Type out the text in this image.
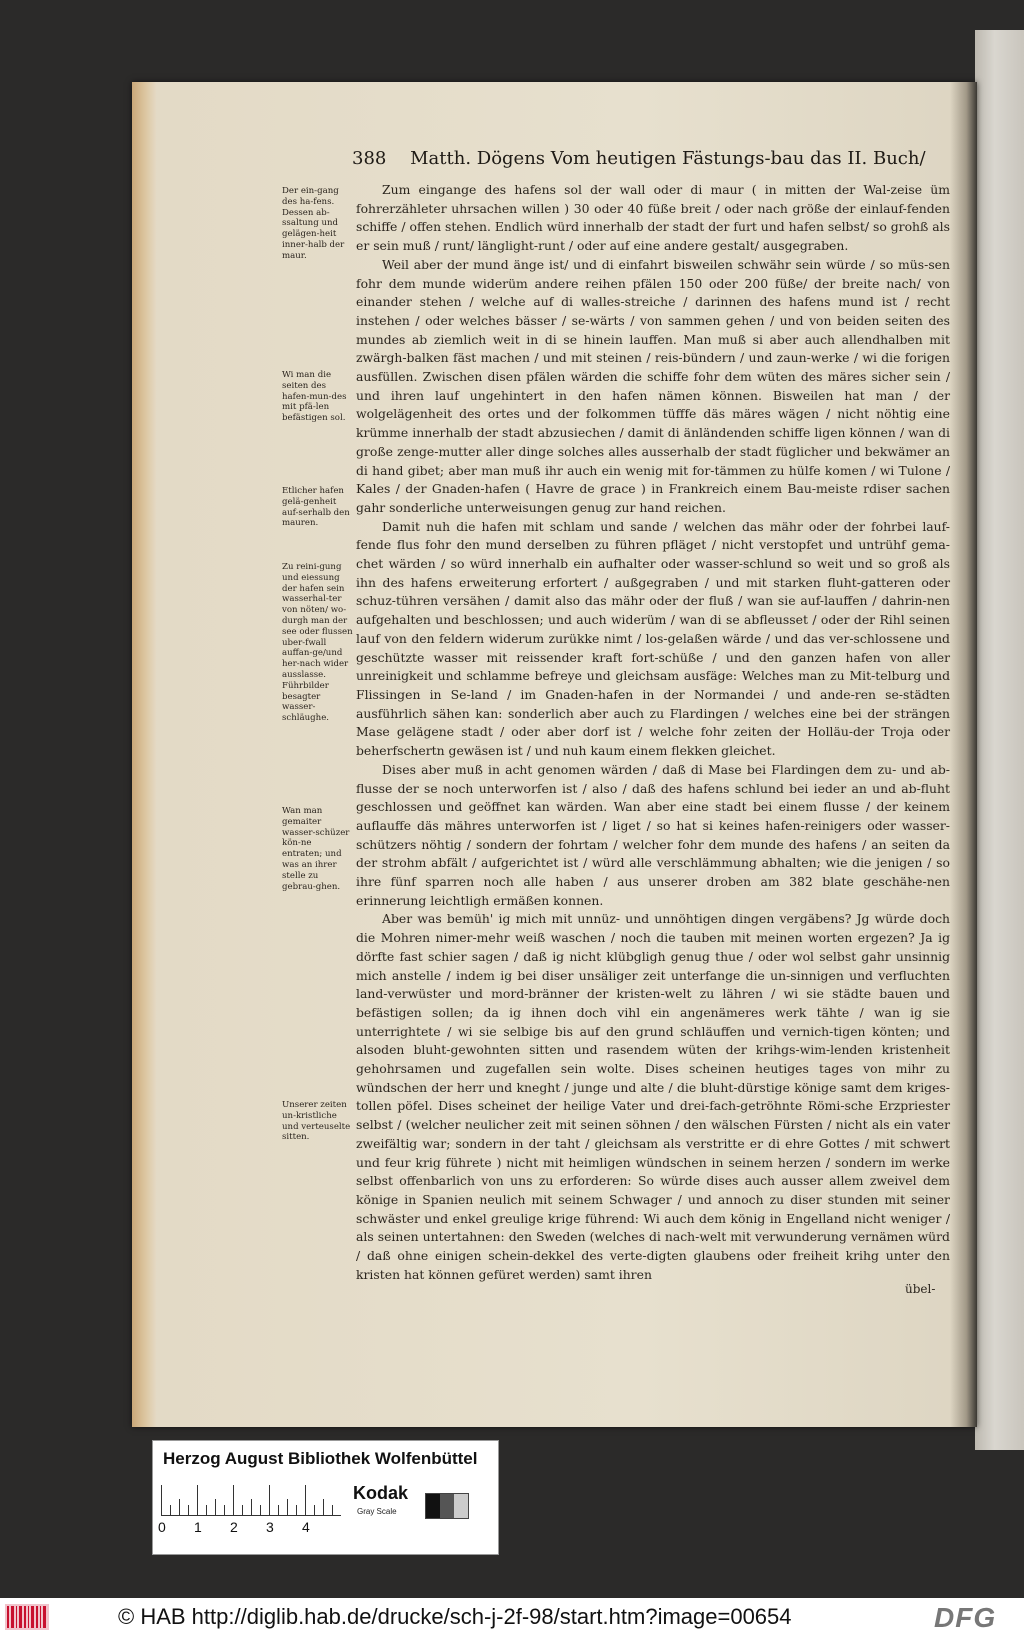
388 Matth. Dögens Vom heutigen Fästungs-bau das II. Buch/
Der ein-gang des ha-fens. Dessen ab-ssaltung und gelägen-heit inner-halb der maur.
Wi man die seiten des hafen-mun-des mit pfä-len befästigen sol.
Etlicher hafen gelä-genheit auf-serhalb den mauren.
Zu reini-gung und eiessung der hafen sein wasserhal-ter von nöten/ wo-durgh man der see oder flussen uber-fwall auffan-ge/und her-nach wider ausslasse. Führbilder besagter wasser-schläughe.
Wan man gemaiter wasser-schüzer kön-ne entraten; und was an ihrer stelle zu gebrau-ghen.
Unserer zeiten un-kristliche und verteuselte sitten.

Zum eingange des hafens sol der wall oder di maur ( in mitten der Wal-zeise üm fohrerzähleter uhrsachen willen ) 30 oder 40 füße breit / oder nach größe der einlauf-fenden schiffe / offen stehen. Endlich würd innerhalb der stadt der furt und hafen selbst/ so grohß als er sein muß / runt/ länglight-runt / oder auf eine andere gestalt/ ausgegraben.

Weil aber der mund änge ist/ und di einfahrt bisweilen schwähr sein würde / so müs-sen fohr dem munde widerüm andere reihen pfälen 150 oder 200 füße/ der breite nach/ von einander stehen / welche auf di walles-streiche / darinnen des hafens mund ist / recht instehen / oder welches bässer / se-wärts / von sammen gehen / und von beiden seiten des mundes ab ziemlich weit in di se hinein lauffen. Man muß si aber auch allendhalben mit zwärgh-balken fäst machen / und mit steinen / reis-bündern / und zaun-werke / wi die forigen ausfüllen. Zwischen disen pfälen wärden die schiffe fohr dem wüten des märes sicher sein / und ihren lauf ungehintert in den hafen nämen können. Bisweilen hat man / der wolgelägenheit des ortes und der folkommen tüfffe däs märes wägen / nicht nöhtig eine krümme innerhalb der stadt abzusiechen / damit di änländenden schiffe ligen können / wan di große zenge-mutter aller dinge solches alles ausserhalb der stadt füglicher und bekwämer an di hand gibet; aber man muß ihr auch ein wenig mit for-tämmen zu hülfe komen / wi Tulone / Kales / der Gnaden-hafen ( Havre de grace ) in Frankreich einem Bau-meiste rdiser sachen gahr sonderliche unterweisungen genug zur hand reichen.

Damit nuh die hafen mit schlam und sande / welchen das mähr oder der fohrbei lauf-fende flus fohr den mund derselben zu führen pfläget / nicht verstopfet und untrühf gema-chet wärden / so würd innerhalb ein aufhalter oder wasser-schlund so weit und so groß als ihn des hafens erweiterung erfortert / außgegraben / und mit starken fluht-gatteren oder schuz-tühren versähen / damit also das mähr oder der fluß / wan sie auf-lauffen / dahrin-nen aufgehalten und beschlossen; und auch widerüm / wan di se abfleusset / oder der Rihl seinen lauf von den feldern widerum zurükke nimt / los-gelaßen wärde / und das ver-schlossene und geschützte wasser mit reissender kraft fort-schüße / und den ganzen hafen von aller unreinigkeit und schlamme befreye und gleichsam ausfäge: Welches man zu Mit-telburg und Flissingen in Se-land / im Gnaden-hafen in der Normandei / und ande-ren se-städten ausführlich sähen kan: sonderlich aber auch zu Flardingen / welches eine bei der strängen Mase gelägene stadt / oder aber dorf ist / welche fohr zeiten der Holläu-der Troja oder beherfschertn gewäsen ist / und nuh kaum einem flekken gleichet.

Dises aber muß in acht genomen wärden / daß di Mase bei Flardingen dem zu- und ab-flusse der se noch unterworfen ist / also / daß des hafens schlund bei ieder an und ab-fluht geschlossen und geöffnet kan wärden. Wan aber eine stadt bei einem flusse / der keinem auflauffe däs mähres unterworfen ist / liget / so hat si keines hafen-reinigers oder wasser-schützers nöhtig / sondern der fohrtam / welcher fohr dem munde des hafens / an seiten da der strohm abfält / aufgerichtet ist / würd alle verschlämmung abhalten; wie die jenigen / so ihre fünf sparren noch alle haben / aus unserer droben am 382 blate geschähe-nen erinnerung leichtligh ermäßen konnen.

Aber was bemüh' ig mich mit unnüz- und unnöhtigen dingen vergäbens? Jg würde doch die Mohren nimer-mehr weiß waschen / noch die tauben mit meinen worten ergezen? Ja ig dörfte fast schier sagen / daß ig nicht klübgligh genug thue / oder wol selbst gahr unsinnig mich anstelle / indem ig bei diser unsäliger zeit unterfange die un-sinnigen und verfluchten land-verwüster und mord-bränner der kristen-welt zu lähren / wi sie städte bauen und befästigen sollen; da ig ihnen doch vihl ein angenämeres werk tähte / wan ig sie unterrightete / wi sie selbige bis auf den grund schläuffen und vernich-tigen könten; und alsoden bluht-gewohnten sitten und rasendem wüten der krihgs-wim-lenden kristenheit gehohrsamen und zugefallen sein wolte. Dises scheinen heutiges tages von mihr zu wündschen der herr und kneght / junge und alte / die bluht-dürstige könige samt dem kriges-tollen pöfel. Dises scheinet der heilige Vater und drei-fach-getröhnte Römi-sche Erzpriester selbst / (welcher neulicher zeit mit seinen söhnen / den wälschen Fürsten / nicht als ein vater zweifältig war; sondern in der taht / gleichsam als verstritte er di ehre Gottes / mit schwert und feur krig führete ) nicht mit heimligen wündschen in seinem herzen / sondern im werke selbst offenbarlich von uns zu erforderen: So würde dises auch ausser allem zweivel dem könige in Spanien neulich mit seinem Schwager / und annoch zu diser stunden mit seiner schwäster und enkel greulige krige führend: Wi auch dem könig in Engelland nicht weniger / als seinen untertahnen: den Sweden (welches di nach-welt mit verwunderung vernämen würd / daß ohne einigen schein-dekkel des verte-digten glaubens oder freiheit krihg unter den kristen hat können gefüret werden) samt ihren

übel-
Herzog August Bibliothek Wolfenbüttel
0 1 2 3 4
Kodak
Gray Scale
© HAB http://diglib.hab.de/drucke/sch-j-2f-98/start.htm?image=00654	DFG
